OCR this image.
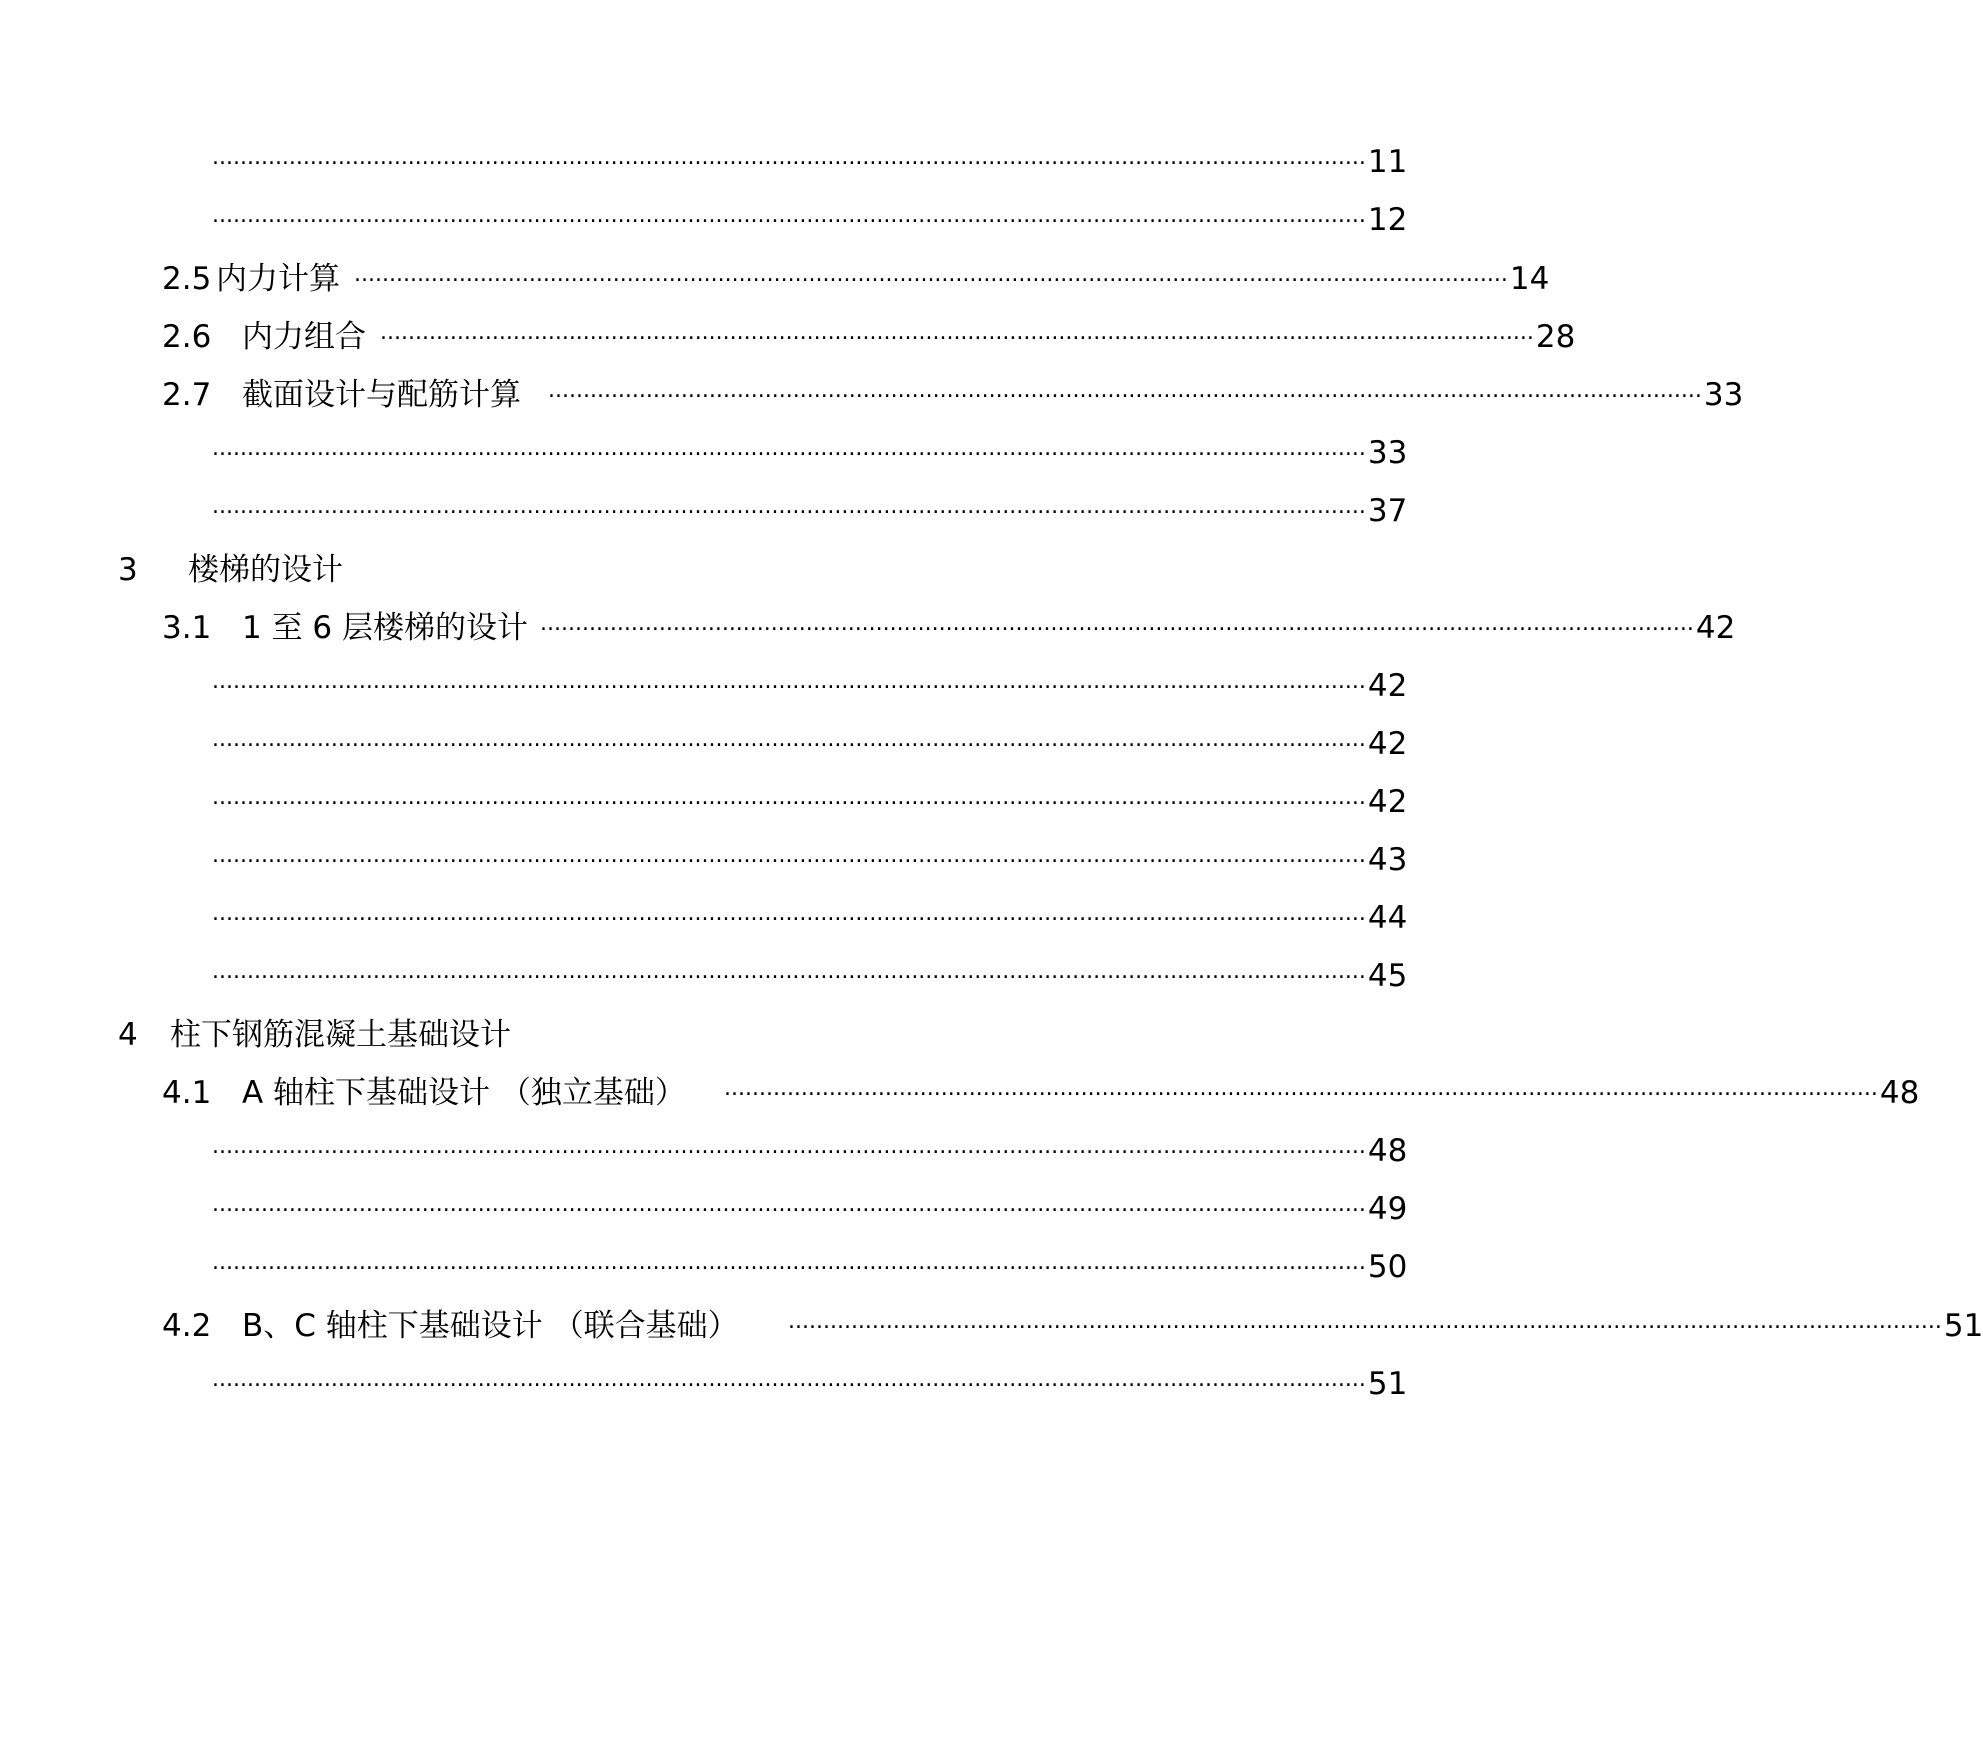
..................................................................................................................................................................... 11
..................................................................................................................................................................... 12
2.5 内力计算 ..................................................................................................................................................................... 14
2.6 内力组合 ..................................................................................................................................................................... 28
2.7 截面设计与配筋计算 ..................................................................................................................................................................... 33
..................................................................................................................................................................... 33
..................................................................................................................................................................... 37
3 楼梯的设计
3.1 1 至 6 层楼梯的设计 ..................................................................................................................................................................... 42
..................................................................................................................................................................... 42
..................................................................................................................................................................... 42
..................................................................................................................................................................... 42
..................................................................................................................................................................... 43
..................................................................................................................................................................... 44
..................................................................................................................................................................... 45
4 柱下钢筋混凝土基础设计
4.1 A 轴柱下基础设计 （独立基础） ..................................................................................................................................................................... 48
..................................................................................................................................................................... 48
..................................................................................................................................................................... 49
..................................................................................................................................................................... 50
4.2 B、C 轴柱下基础设计 （联合基础） ..................................................................................................................................................................... 51
..................................................................................................................................................................... 51
